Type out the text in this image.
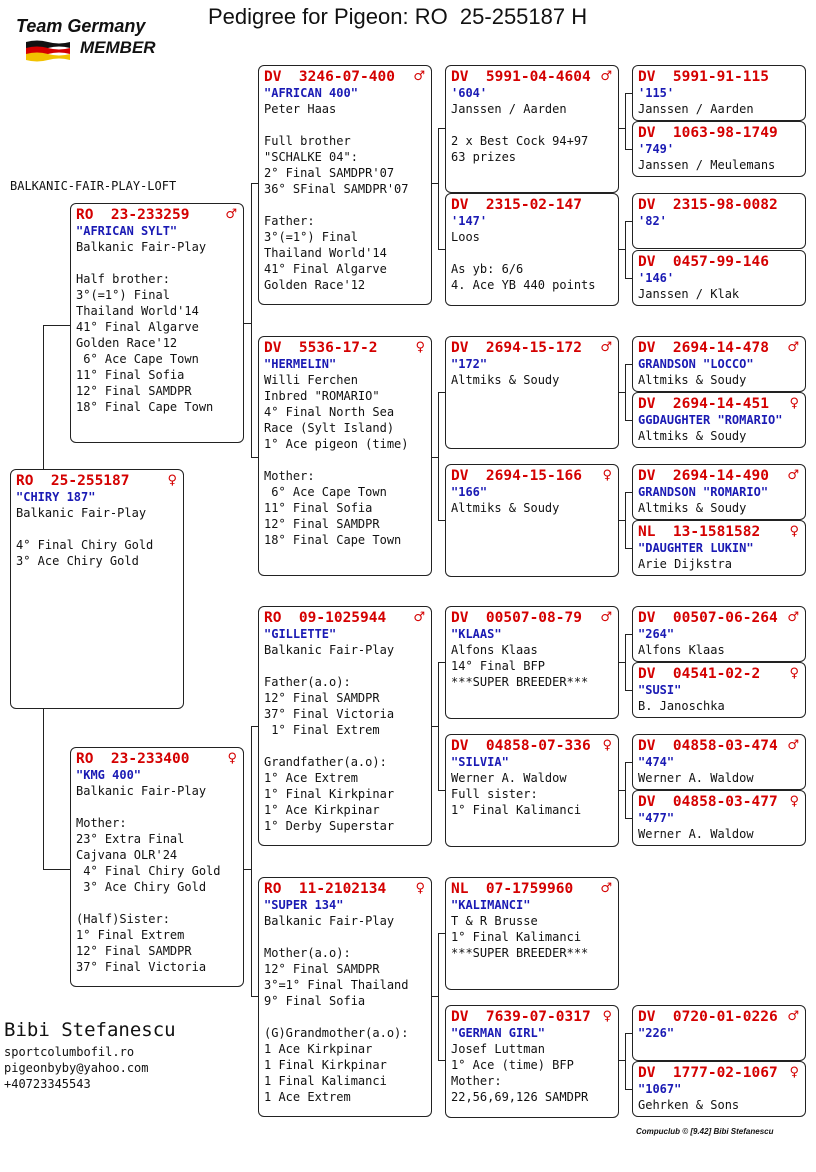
Team Germany
MEMBER
Pedigree for Pigeon: RO  25-255187 H
BALKANIC-FAIR-PLAY-LOFT
RO  25-255187	♀
"CHIRY 187"
Balkanic Fair-Play
4° Final Chiry Gold
3° Ace Chiry Gold
RO  23-233259	♂
"AFRICAN SYLT"
Balkanic Fair-Play
Half brother:
3°(=1°) Final
Thailand World'14
41° Final Algarve
Golden Race'12
6° Ace Cape Town
11° Final Sofia
12° Final SAMDPR
18° Final Cape Town
RO  23-233400	♀
"KMG 400"
Balkanic Fair-Play
Mother:
23° Extra Final
Cajvana OLR'24
4° Final Chiry Gold
3° Ace Chiry Gold
(Half)Sister:
1° Final Extrem
12° Final SAMDPR
37° Final Victoria
DV  3246-07-400	♂
"AFRICAN 400"
Peter Haas
Full brother
"SCHALKE 04":
2° Final SAMDPR'07
36° SFinal SAMDPR'07
Father:
3°(=1°) Final
Thailand World'14
41° Final Algarve
Golden Race'12
DV  5536-17-2	♀
"HERMELIN"
Willi Ferchen
Inbred "ROMARIO"
4° Final North Sea
Race (Sylt Island)
1° Ace pigeon (time)
Mother:
6° Ace Cape Town
11° Final Sofia
12° Final SAMDPR
18° Final Cape Town
RO  09-1025944	♂
"GILLETTE"
Balkanic Fair-Play
Father(a.o):
12° Final SAMDPR
37° Final Victoria
1° Final Extrem
Grandfather(a.o):
1° Ace Extrem
1° Final Kirkpinar
1° Ace Kirkpinar
1° Derby Superstar
RO  11-2102134	♀
"SUPER 134"
Balkanic Fair-Play
Mother(a.o):
12° Final SAMDPR
3°=1° Final Thailand
9° Final Sofia
(G)Grandmother(a.o):
1 Ace Kirkpinar
1 Final Kirkpinar
1 Final Kalimanci
1 Ace Extrem
DV  5991-04-4604 ♂
'604'
Janssen / Aarden
2 x Best Cock 94+97
63 prizes
DV  2315-02-147
'147'
Loos
As yb: 6/6
4. Ace YB 440 points
DV  2694-15-172	♂
"172"
Altmiks & Soudy
DV  2694-15-166	♀
"166"
Altmiks & Soudy
DV  00507-08-79	♂
"KLAAS"
Alfons Klaas
14° Final BFP
***SUPER BREEDER***
DV  04858-07-336 ♀
"SILVIA"
Werner A. Waldow
Full sister:
1° Final Kalimanci
NL  07-1759960	♂
"KALIMANCI"
T & R Brusse
1° Final Kalimanci
***SUPER BREEDER***
DV  7639-07-0317 ♀
"GERMAN GIRL"
Josef Luttman
1° Ace (time) BFP
Mother:
22,56,69,126 SAMDPR
DV  5991-91-115
'115'
Janssen / Aarden
DV  1063-98-1749
'749'
Janssen / Meulemans
DV  2315-98-0082
'82'
DV  0457-99-146
'146'
Janssen / Klak
DV  2694-14-478	♂
GRANDSON "LOCCO"
Altmiks & Soudy
DV  2694-14-451	♀
GGDAUGHTER "ROMARIO"
Altmiks & Soudy
DV  2694-14-490	♂
GRANDSON "ROMARIO"
Altmiks & Soudy
NL  13-1581582	♀
"DAUGHTER LUKIN"
Arie Dijkstra
DV  00507-06-264 ♂
"264"
Alfons Klaas
DV  04541-02-2	♀
"SUSI"
B. Janoschka
DV  04858-03-474 ♂
"474"
Werner A. Waldow
DV  04858-03-477 ♀
"477"
Werner A. Waldow
DV  0720-01-0226 ♂
"226"
DV  1777-02-1067 ♀
"1067"
Gehrken & Sons
Bibi Stefanescu
sportcolumbofil.ro
pigeonbyby@yahoo.com
+40723345543
Compuclub © [9.42] Bibi Stefanescu
